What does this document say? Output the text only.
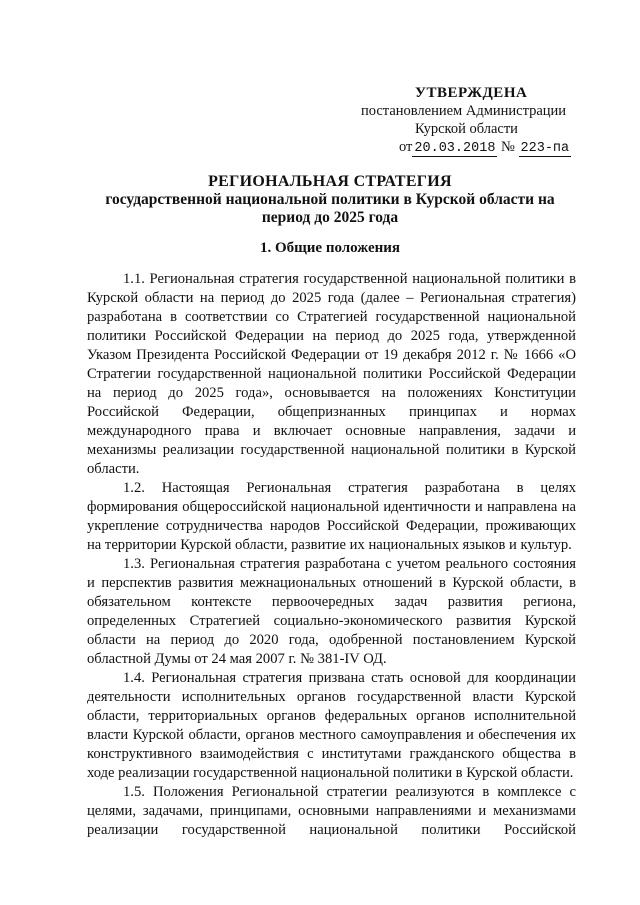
УТВЕРЖДЕНА
постановлением Администрации
Курской области
от 20.03.2018 № 223-па
РЕГИОНАЛЬНАЯ СТРАТЕГИЯ
государственной национальной политики в Курской области на
период до 2025 года
1. Общие положения

1.1. Региональная стратегия государственной национальной политики в Курской области на период до 2025 года (далее – Региональная стратегия) разработана в соответствии со Стратегией государственной национальной политики Российской Федерации на период до 2025 года, утвержденной Указом Президента Российской Федерации от 19 декабря 2012 г. № 1666 «О Стратегии государственной национальной политики Российской Федерации на период до 2025 года», основывается на положениях Конституции Российской Федерации, общепризнанных принципах и нормах международного права и включает основные направления, задачи и механизмы реализации государственной национальной политики в Курской области.

1.2. Настоящая Региональная стратегия разработана в целях формирования общероссийской национальной идентичности и направлена на укрепление сотрудничества народов Российской Федерации, проживающих на территории Курской области, развитие их национальных языков и культур.

1.3. Региональная стратегия разработана с учетом реального состояния и перспектив развития межнациональных отношений в Курской области, в обязательном контексте первоочередных задач развития региона, определенных Стратегией социально-экономического развития Курской области на период до 2020 года, одобренной постановлением Курской областной Думы от 24 мая 2007 г. № 381-IV ОД.

1.4. Региональная стратегия призвана стать основой для координации деятельности исполнительных органов государственной власти Курской области, территориальных органов федеральных органов исполнительной власти Курской области, органов местного самоуправления и обеспечения их конструктивного взаимодействия с институтами гражданского общества в ходе реализации государственной национальной политики в Курской области.

1.5. Положения Региональной стратегии реализуются в комплексе с целями, задачами, принципами, основными направлениями и механизмами реализации государственной национальной политики Российской
